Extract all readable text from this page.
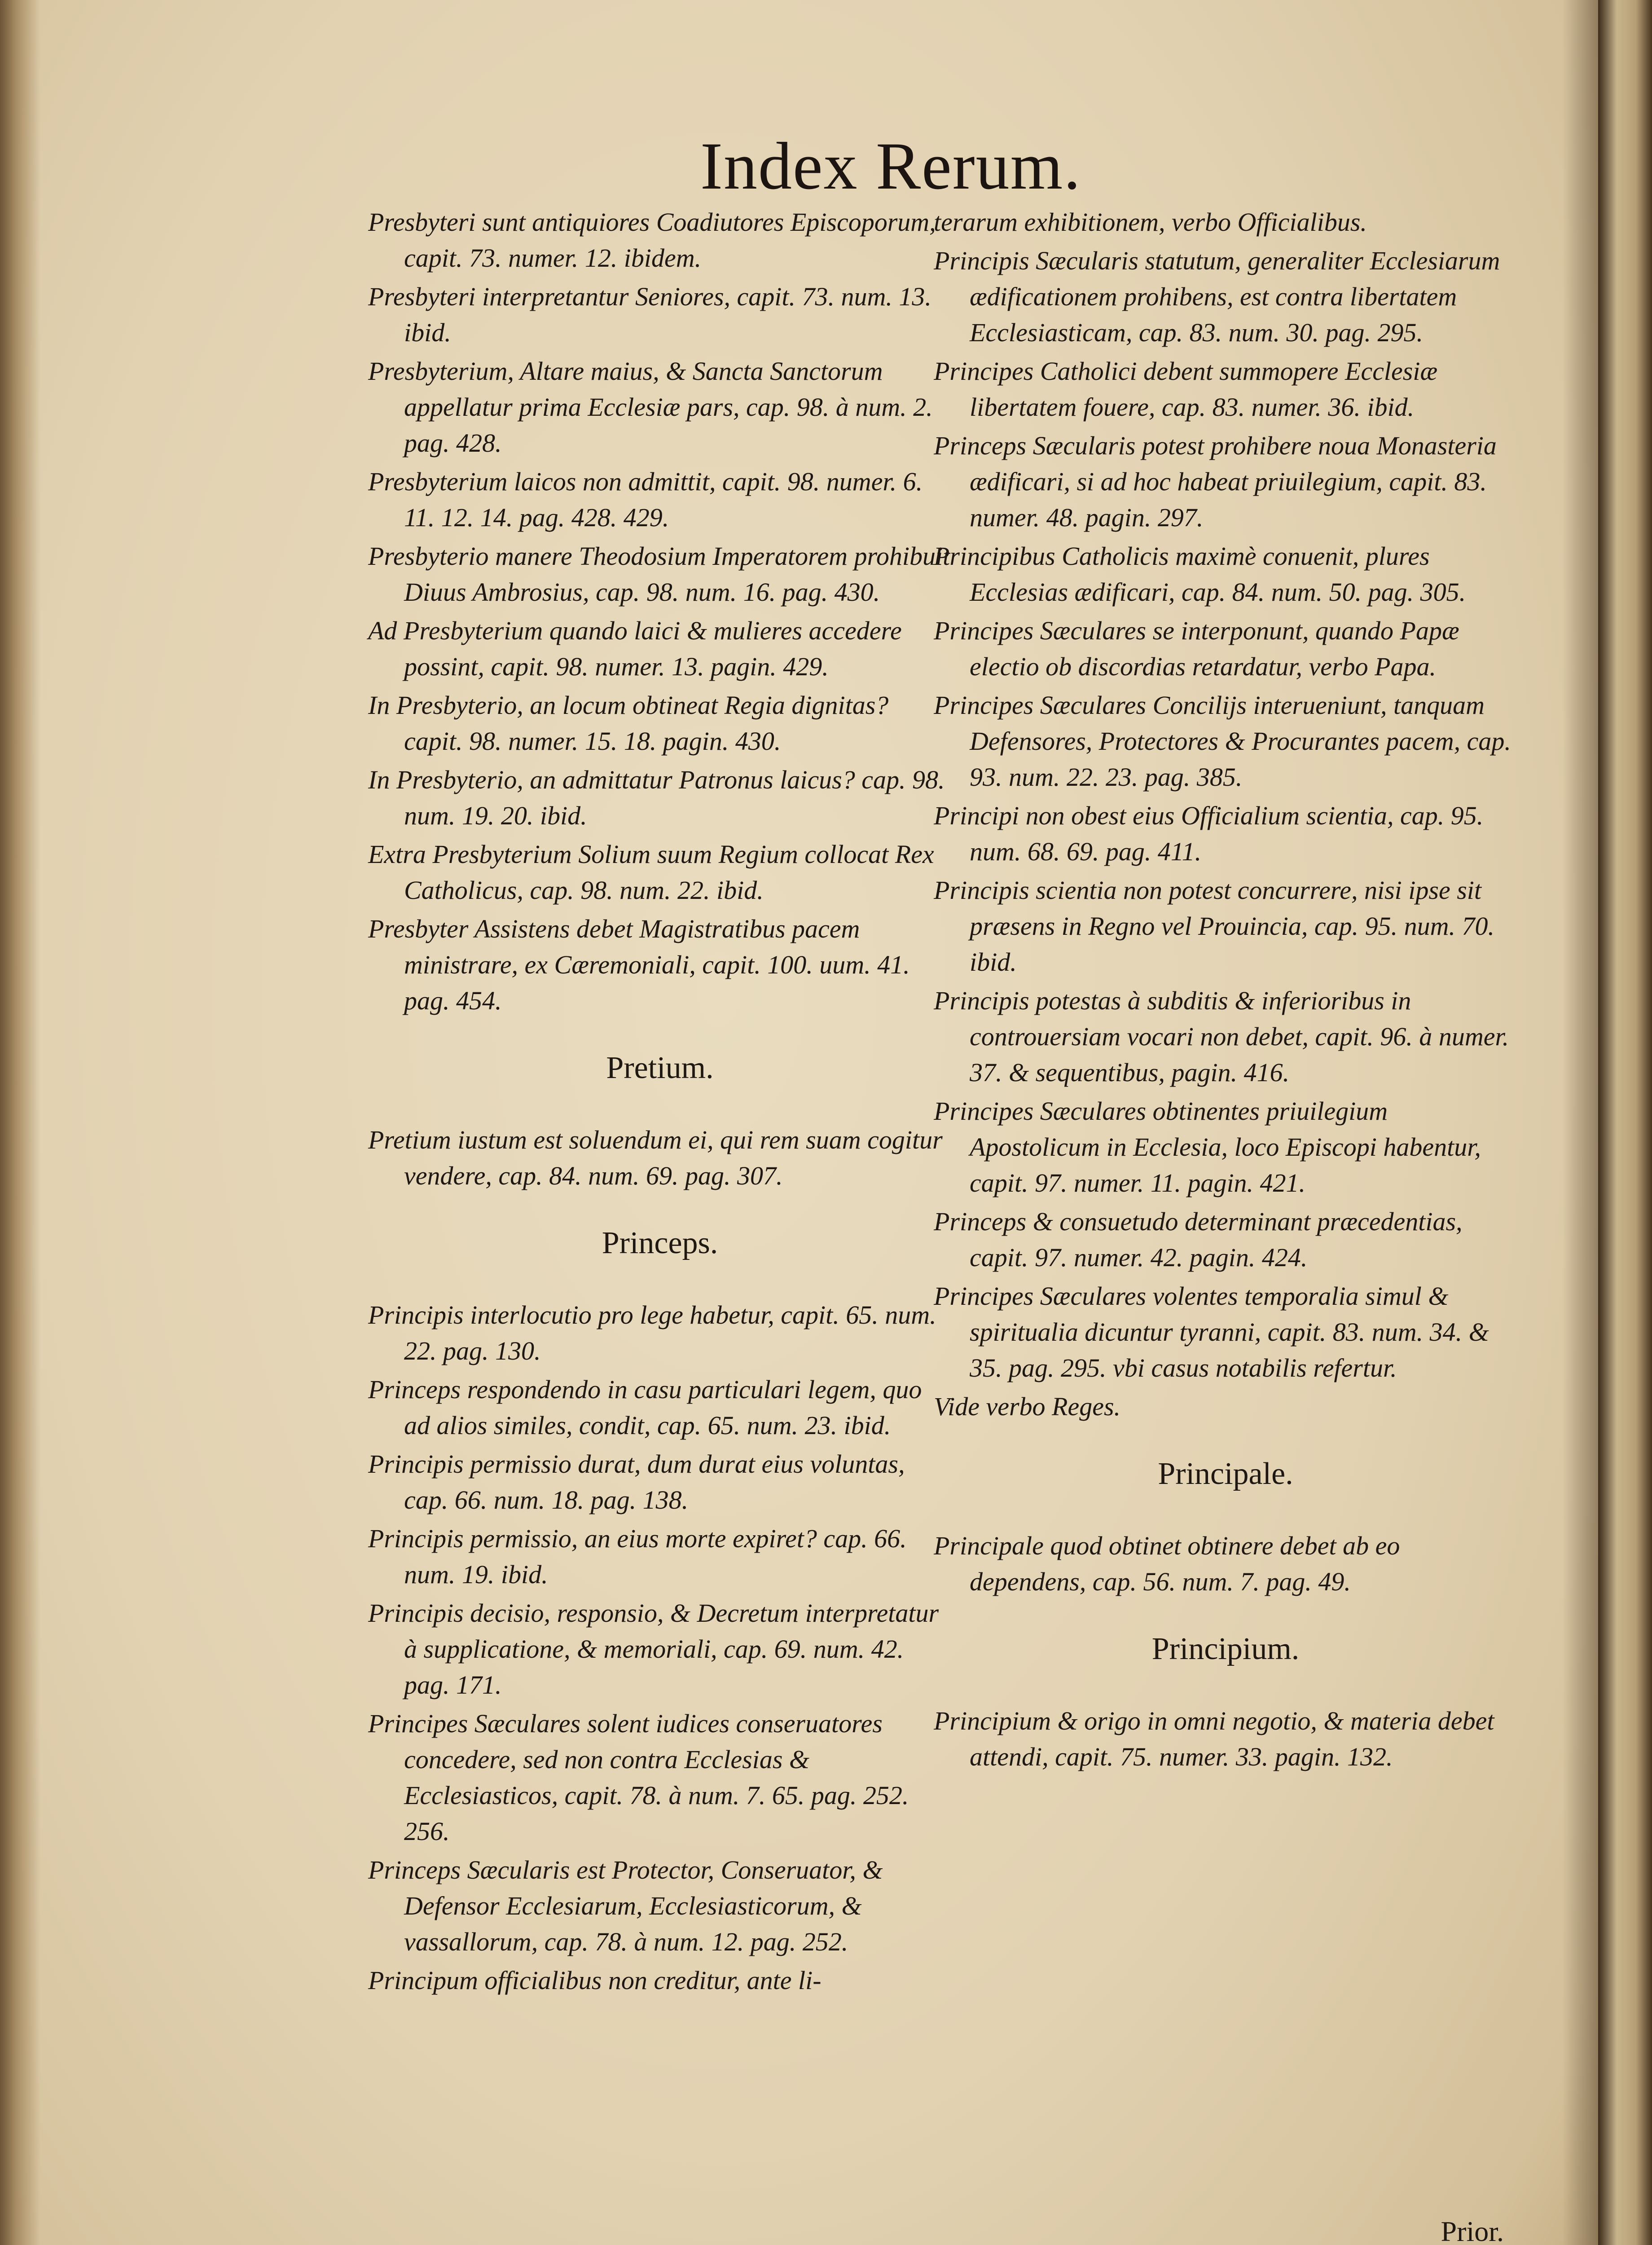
Index Rerum.
Presbyteri sunt antiquiores Coadiutores Episcoporum, capit. 73. numer. 12. ibidem.
Presbyteri interpretantur Seniores, capit. 73. num. 13. ibid.
Presbyterium, Altare maius, & Sancta Sanctorum appellatur prima Ecclesiæ pars, cap. 98. à num. 2. pag. 428.
Presbyterium laicos non admittit, capit. 98. numer. 6. 11. 12. 14. pag. 428. 429.
Presbyterio manere Theodosium Imperatorem prohibuit Diuus Ambrosius, cap. 98. num. 16. pag. 430.
Ad Presbyterium quando laici & mulieres accedere possint, capit. 98. numer. 13. pagin. 429.
In Presbyterio, an locum obtineat Regia dignitas? capit. 98. numer. 15. 18. pagin. 430.
In Presbyterio, an admittatur Patronus laicus? cap. 98. num. 19. 20. ibid.
Extra Presbyterium Solium suum Regium collocat Rex Catholicus, cap. 98. num. 22. ibid.
Presbyter Assistens debet Magistratibus pacem ministrare, ex Cæremoniali, capit. 100. uum. 41. pag. 454.
Pretium.
Pretium iustum est soluendum ei, qui rem suam cogitur vendere, cap. 84. num. 69. pag. 307.
Princeps.
Principis interlocutio pro lege habetur, capit. 65. num. 22. pag. 130.
Princeps respondendo in casu particulari legem, quo ad alios similes, condit, cap. 65. num. 23. ibid.
Principis permissio durat, dum durat eius voluntas, cap. 66. num. 18. pag. 138.
Principis permissio, an eius morte expiret? cap. 66. num. 19. ibid.
Principis decisio, responsio, & Decretum interpretatur à supplicatione, & memoriali, cap. 69. num. 42. pag. 171.
Principes Sæculares solent iudices conseruatores concedere, sed non contra Ecclesias & Ecclesiasticos, capit. 78. à num. 7. 65. pag. 252. 256.
Princeps Sæcularis est Protector, Conseruator, & Defensor Ecclesiarum, Ecclesiasticorum, & vassallorum, cap. 78. à num. 12. pag. 252.
Principum officialibus non creditur, ante li-
terarum exhibitionem, verbo Officialibus.
Principis Sæcularis statutum, generaliter Ecclesiarum ædificationem prohibens, est contra libertatem Ecclesiasticam, cap. 83. num. 30. pag. 295.
Principes Catholici debent summopere Ecclesiæ libertatem fouere, cap. 83. numer. 36. ibid.
Princeps Sæcularis potest prohibere noua Monasteria ædificari, si ad hoc habeat priuilegium, capit. 83. numer. 48. pagin. 297.
Principibus Catholicis maximè conuenit, plures Ecclesias ædificari, cap. 84. num. 50. pag. 305.
Principes Sæculares se interponunt, quando Papæ electio ob discordias retardatur, verbo Papa.
Principes Sæculares Concilijs interueniunt, tanquam Defensores, Protectores & Procurantes pacem, cap. 93. num. 22. 23. pag. 385.
Principi non obest eius Officialium scientia, cap. 95. num. 68. 69. pag. 411.
Principis scientia non potest concurrere, nisi ipse sit præsens in Regno vel Prouincia, cap. 95. num. 70. ibid.
Principis potestas à subditis & inferioribus in controuersiam vocari non debet, capit. 96. à numer. 37. & sequentibus, pagin. 416.
Principes Sæculares obtinentes priuilegium Apostolicum in Ecclesia, loco Episcopi habentur, capit. 97. numer. 11. pagin. 421.
Princeps & consuetudo determinant præcedentias, capit. 97. numer. 42. pagin. 424.
Principes Sæculares volentes temporalia simul & spiritualia dicuntur tyranni, capit. 83. num. 34. & 35. pag. 295. vbi casus notabilis refertur.
Vide verbo Reges.
Principale.
Principale quod obtinet obtinere debet ab eo dependens, cap. 56. num. 7. pag. 49.
Principium.
Principium & origo in omni negotio, & materia debet attendi, capit. 75. numer. 33. pagin. 132.
Prior.
